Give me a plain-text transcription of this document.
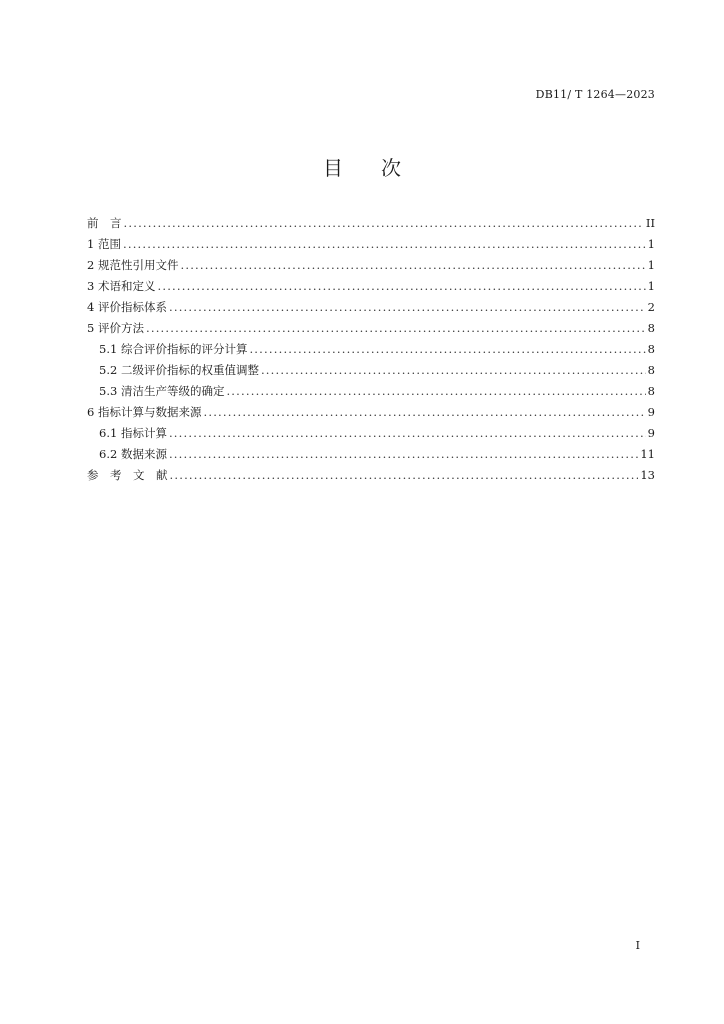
DB11/ T 1264—2023
目 次
前　言 .....	II
1 范围 .....	1
2 规范性引用文件 .....	1
3 术语和定义 .....	1
4 评价指标体系 .....	2
5 评价方法 .....	8
5.1 综合评价指标的评分计算 .....	8
5.2 二级评价指标的权重值调整 .....	8
5.3 清洁生产等级的确定 .....	8
6 指标计算与数据来源 .....	9
6.1 指标计算 .....	9
6.2 数据来源 .....	11
参　考　文　献 .....	13
I
